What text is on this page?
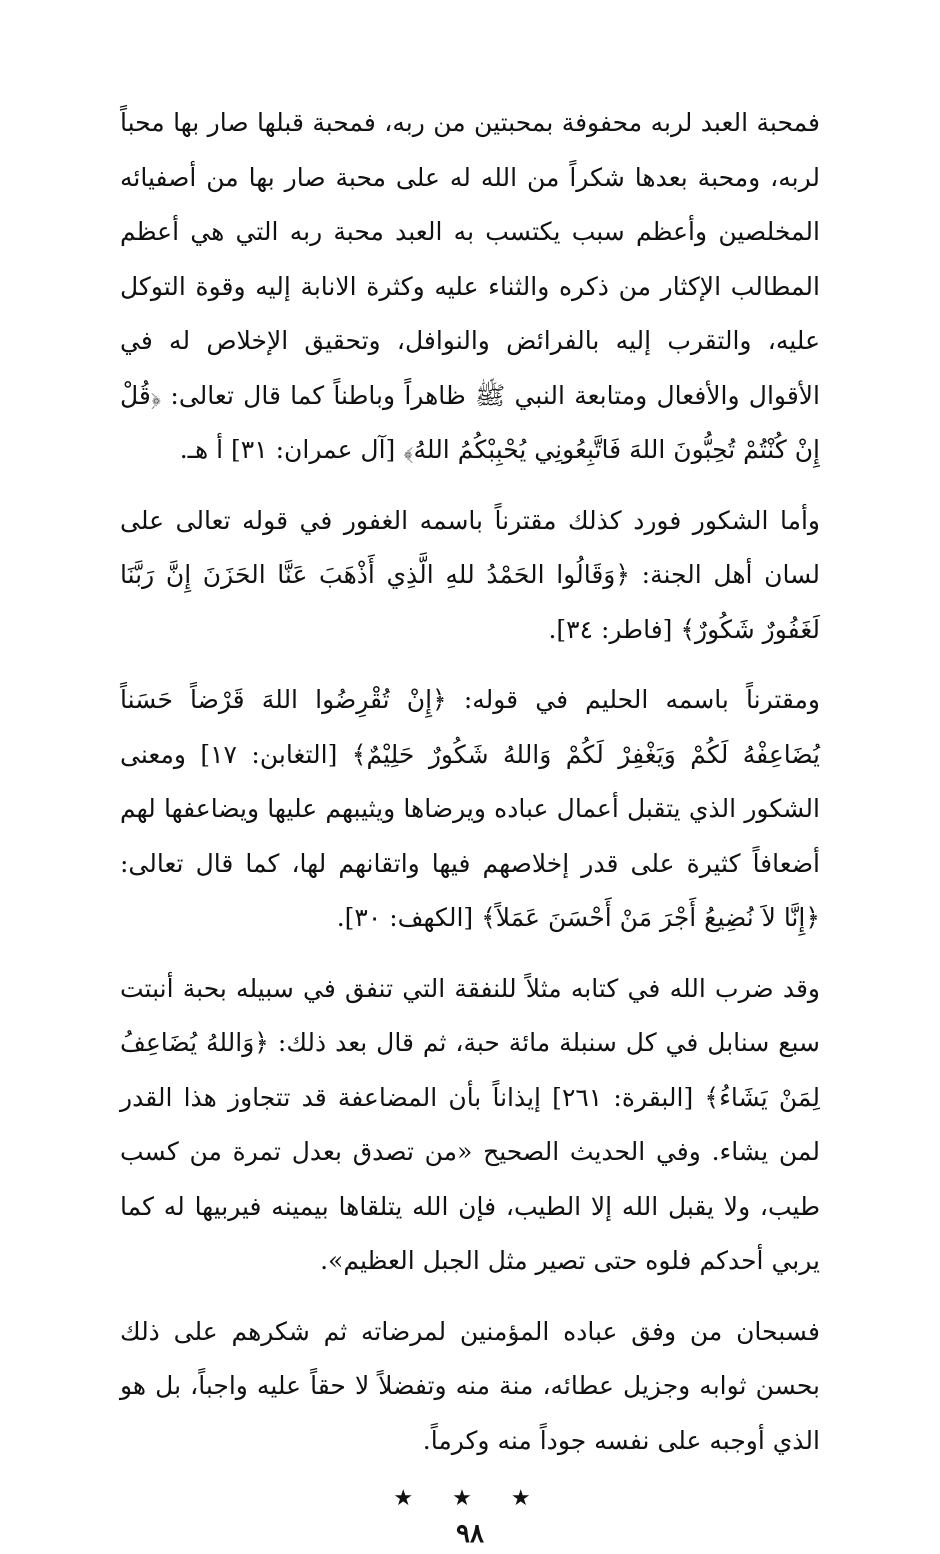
فمحبة العبد لربه محفوفة بمحبتين من ربه، فمحبة قبلها صار بها محباً لربه، ومحبة بعدها شكراً من الله له على محبة صار بها من أصفيائه المخلصين وأعظم سبب يكتسب به العبد محبة ربه التي هي أعظم المطالب الإكثار من ذكره والثناء عليه وكثرة الانابة إليه وقوة التوكل عليه، والتقرب إليه بالفرائض والنوافل، وتحقيق الإخلاص له في الأقوال والأفعال ومتابعة النبي ﷺ ظاهراً وباطناً كما قال تعالى: ﴿قُلْ إِنْ كُنْتُمْ تُحِبُّونَ اللهَ فَاتَّبِعُونِي يُحْبِبْكُمُ اللهُ﴾ [آل عمران: ٣١] أ هـ.

وأما الشكور فورد كذلك مقترناً باسمه الغفور في قوله تعالى على لسان أهل الجنة: ﴿وَقَالُوا الحَمْدُ للهِ الَّذِي أَذْهَبَ عَنَّا الحَزَنَ إِنَّ رَبَّنَا لَغَفُورٌ شَكُورٌ﴾ [فاطر: ٣٤].

ومقترناً باسمه الحليم في قوله: ﴿إِنْ تُقْرِضُوا اللهَ قَرْضاً حَسَناً يُضَاعِفْهُ لَكُمْ وَيَغْفِرْ لَكُمْ وَاللهُ شَكُورٌ حَلِيْمٌ﴾ [التغابن: ١٧] ومعنى الشكور الذي يتقبل أعمال عباده ويرضاها ويثيبهم عليها ويضاعفها لهم أضعافاً كثيرة على قدر إخلاصهم فيها واتقانهم لها، كما قال تعالى: ﴿إِنَّا لاَ نُضِيعُ أَجْرَ مَنْ أَحْسَنَ عَمَلاً﴾ [الكهف: ٣٠].

وقد ضرب الله في كتابه مثلاً للنفقة التي تنفق في سبيله بحبة أنبتت سبع سنابل في كل سنبلة مائة حبة، ثم قال بعد ذلك: ﴿وَاللهُ يُضَاعِفُ لِمَنْ يَشَاءُ﴾ [البقرة: ٢٦١] إيذاناً بأن المضاعفة قد تتجاوز هذا القدر لمن يشاء. وفي الحديث الصحيح «من تصدق بعدل تمرة من كسب طيب، ولا يقبل الله إلا الطيب، فإن الله يتلقاها بيمينه فيربيها له كما يربي أحدكم فلوه حتى تصير مثل الجبل العظيم».

فسبحان من وفق عباده المؤمنين لمرضاته ثم شكرهم على ذلك بحسن ثوابه وجزيل عطائه، منة منه وتفضلاً لا حقاً عليه واجباً، بل هو الذي أوجبه على نفسه جوداً منه وكرماً.

★ ★ ★
٩٨
